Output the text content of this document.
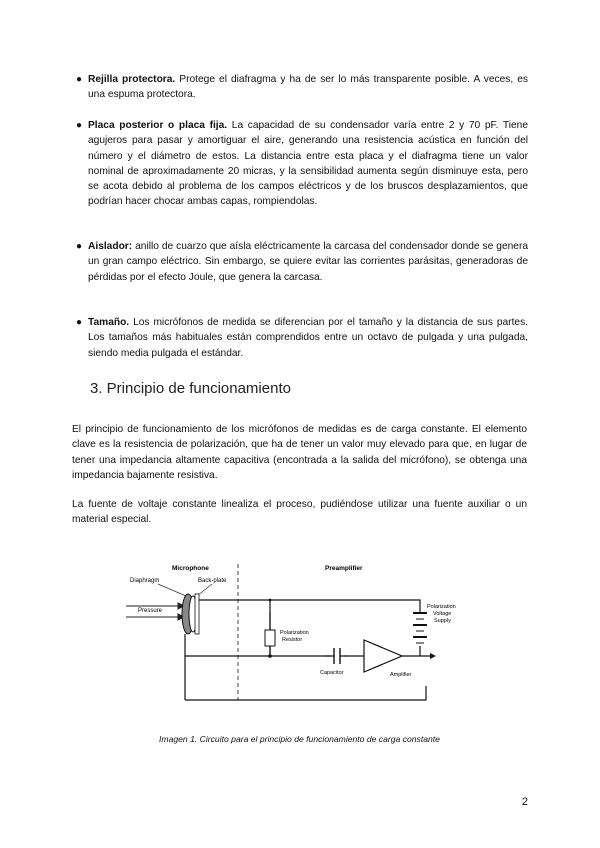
● Rejilla protectora. Protege el diafragma y ha de ser lo más transparente posible. A veces, es una espuma protectora.
● Placa posterior o placa fija. La capacidad de su condensador varía entre 2 y 70 pF. Tiene agujeros para pasar y amortiguar el aire, generando una resistencia acústica en función del número y el diámetro de estos. La distancia entre esta placa y el diafragma tiene un valor nominal de aproximadamente 20 micras, y la sensibilidad aumenta según disminuye esta, pero se acota debido al problema de los campos eléctricos y de los bruscos desplazamientos, que podrían hacer chocar ambas capas, rompiendolas.
● Aislador: anillo de cuarzo que aísla eléctricamente la carcasa del condensador donde se genera un gran campo eléctrico. Sin embargo, se quiere evitar las corrientes parásitas, generadoras de pérdidas por el efecto Joule, que genera la carcasa.
● Tamaño. Los micrófonos de medida se diferencian por el tamaño y la distancia de sus partes. Los tamaños más habituales están comprendidos entre un octavo de pulgada y una pulgada, siendo media pulgada el estándar.
3. Principio de funcionamiento

El principio de funcionamiento de los micrófonos de medidas es de carga constante. El elemento clave es la resistencia de polarización, que ha de tener un valor muy elevado para que, en lugar de tener una impedancia altamente capacitiva (encontrada a la salida del micrófono), se obtenga una impedancia bajamente resistiva.

La fuente de voltaje constante linealiza el proceso, pudiéndose utilizar una fuente auxiliar o un material especial.

Microphone	Preamplifier
Diaphragm	Back-plate
Pressure
Polarization
Resistor
Polarization
Voltage
Supply
Capacitor	Amplifier

Imagen 1. Circuito para el principio de funcionamiento de carga constante

2
